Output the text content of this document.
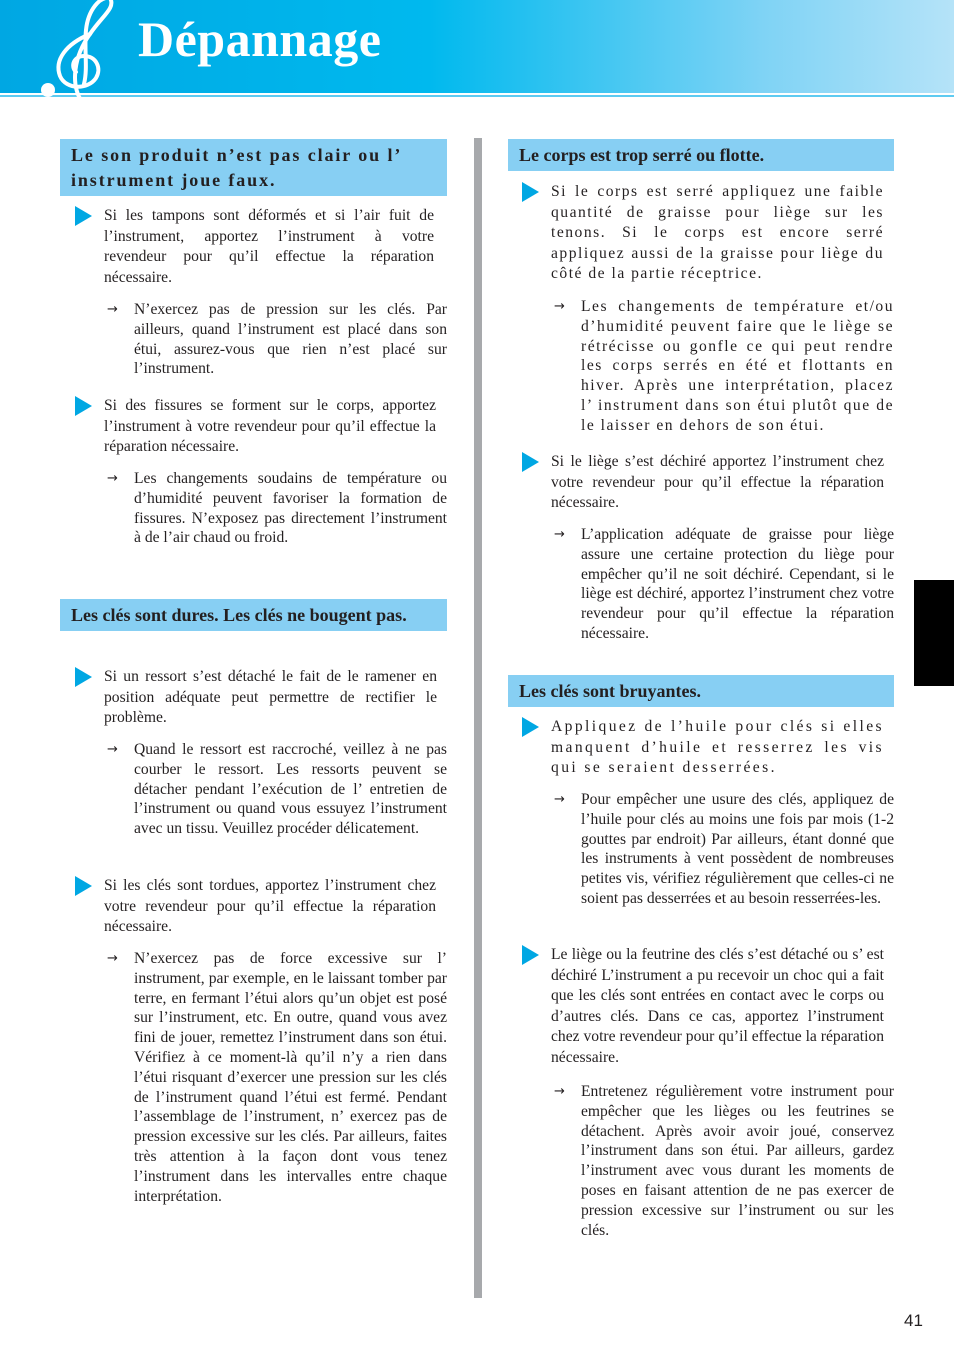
Dépannage
Le son produit n’est pas clair ou l’ instrument joue faux.

Si les tampons sont déformés et si l’air fuit de l’instrument, apportez l’instrument à votre revendeur pour qu’il effectue la réparation nécessaire.

→ N’exercez pas de pression sur les clés. Par ailleurs, quand l’instrument est placé dans son étui, assurez-vous que rien n’est placé sur l’instrument.

Si des fissures se forment sur le corps, apportez l’instrument à votre revendeur pour qu’il effectue la réparation nécessaire.

→ Les changements soudains de température ou d’humidité peuvent favoriser la formation de fissures. N’exposez pas directement l’instrument à de l’air chaud ou froid.

Les clés sont dures. Les clés ne bougent pas.

Si un ressort s’est détaché le fait de le ramener en position adéquate peut permettre de rectifier le problème.

→ Quand le ressort est raccroché, veillez à ne pas courber le ressort. Les ressorts peuvent se détacher pendant l’exécution de l’ entretien de l’instrument ou quand vous essuyez l’instrument avec un tissu. Veuillez procéder délicatement.

Si les clés sont tordues, apportez l’instrument chez votre revendeur pour qu’il effectue la réparation nécessaire.

→ N’exercez pas de force excessive sur l’ instrument, par exemple, en le laissant tomber par terre, en fermant l’étui alors qu’un objet est posé sur l’instrument, etc. En outre, quand vous avez fini de jouer, remettez l’instrument dans son étui. Vérifiez à ce moment-là qu’il n’y a rien dans l’étui risquant d’exercer une pression sur les clés de l’instrument quand l’étui est fermé. Pendant l’assemblage de l’instrument, n’ exercez pas de pression excessive sur les clés. Par ailleurs, faites très attention à la façon dont vous tenez l’instrument dans les intervalles entre chaque interprétation.

Le corps est trop serré ou flotte.

Si le corps est serré appliquez une faible quantité de graisse pour liège sur les tenons. Si le corps est encore serré appliquez aussi de la graisse pour liège du côté de la partie réceptrice.

→ Les changements de température et/ou d’humidité peuvent faire que le liège se rétrécisse ou gonfle ce qui peut rendre les corps serrés en été et flottants en hiver. Après une interprétation, placez l’ instrument dans son étui plutôt que de le laisser en dehors de son étui.

Si le liège s’est déchiré apportez l’instrument chez votre revendeur pour qu’il effectue la réparation nécessaire.

→ L’application adéquate de graisse pour liège assure une certaine protection du liège pour empêcher qu’il ne soit déchiré. Cependant, si le liège est déchiré, apportez l’instrument chez votre revendeur pour qu’il effectue la réparation nécessaire.

Les clés sont bruyantes.

Appliquez de l’huile pour clés si elles manquent d’huile et resserrez les vis qui se seraient desserrées.

→ Pour empêcher une usure des clés, appliquez de l’huile pour clés au moins une fois par mois (1-2 gouttes par endroit) Par ailleurs, étant donné que les instruments à vent possèdent de nombreuses petites vis, vérifiez régulièrement que celles-ci ne soient pas desserrées et au besoin resserrées-les.

Le liège ou la feutrine des clés s’est détaché ou s’ est déchiré L’instrument a pu recevoir un choc qui a fait que les clés sont entrées en contact avec le corps ou d’autres clés. Dans ce cas, apportez l’instrument chez votre revendeur pour qu’il effectue la réparation nécessaire.

→ Entretenez régulièrement votre instrument pour empêcher que les lièges ou les feutrines se détachent. Après avoir avoir joué, conservez l’instrument dans son étui. Par ailleurs, gardez l’instrument avec vous durant les moments de poses en faisant attention de ne pas exercer de pression excessive sur l’instrument ou sur les clés.

41
